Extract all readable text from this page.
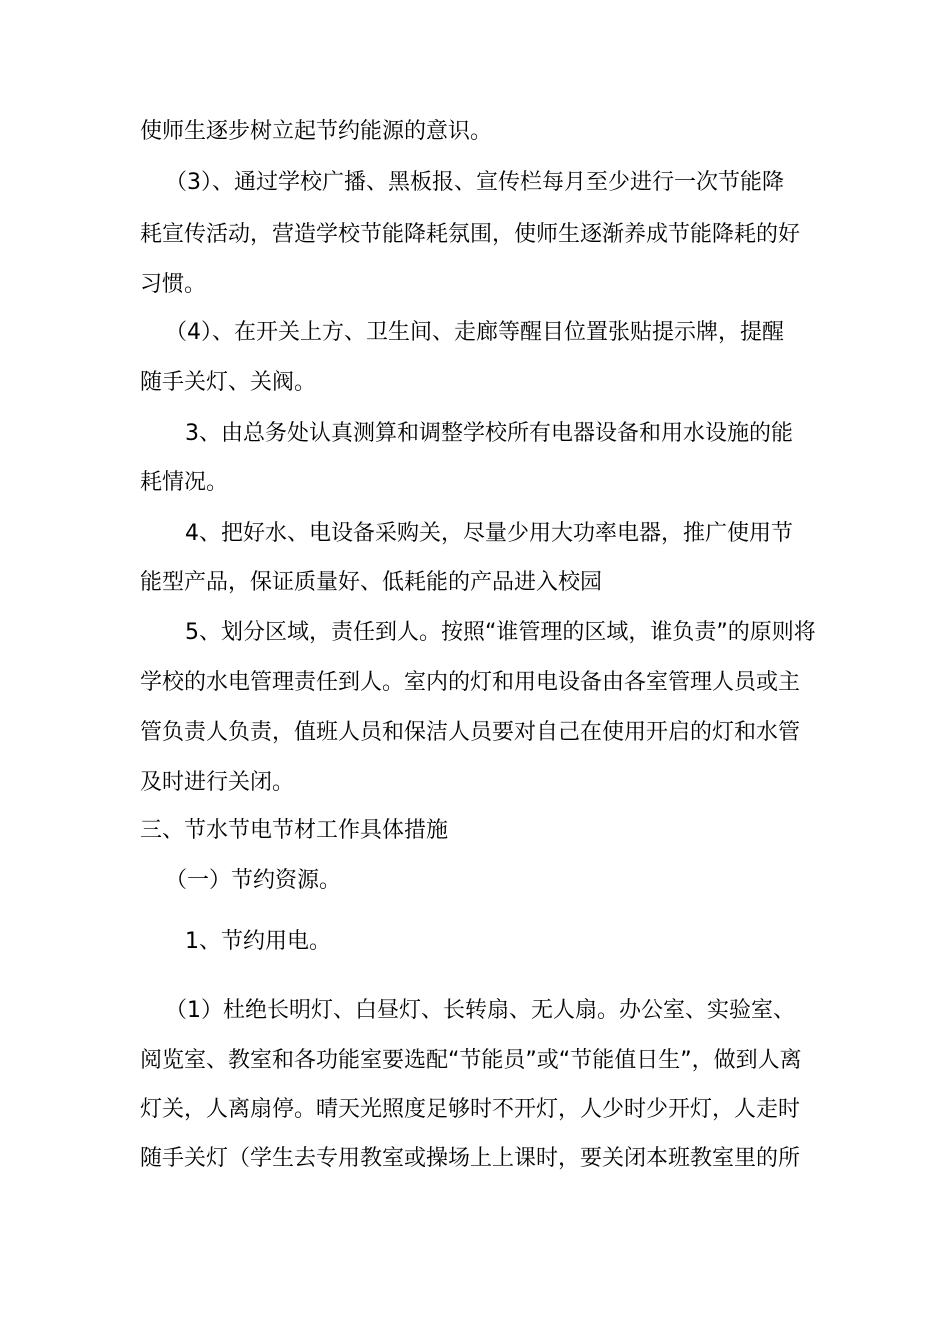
使师生逐步树立起节约能源的意识。
（3）、通过学校广播、黑板报、宣传栏每月至少进行一次节能降
耗宣传活动，营造学校节能降耗氛围，使师生逐渐养成节能降耗的好
习惯。
（4）、在开关上方、卫生间、走廊等醒目位置张贴提示牌，提醒
随手关灯、关阀。
3、由总务处认真测算和调整学校所有电器设备和用水设施的能
耗情况。
4、把好水、电设备采购关，尽量少用大功率电器，推广使用节
能型产品，保证质量好、低耗能的产品进入校园
5、划分区域，责任到人。按照“谁管理的区域，谁负责”的原则将
学校的水电管理责任到人。室内的灯和用电设备由各室管理人员或主
管负责人负责，值班人员和保洁人员要对自己在使用开启的灯和水管
及时进行关闭。
三、节水节电节材工作具体措施
（一）节约资源。
1、节约用电。
（1）杜绝长明灯、白昼灯、长转扇、无人扇。办公室、实验室、
阅览室、教室和各功能室要选配“节能员”或“节能值日生”，做到人离
灯关，人离扇停。晴天光照度足够时不开灯，人少时少开灯，人走时
随手关灯（学生去专用教室或操场上上课时，要关闭本班教室里的所
